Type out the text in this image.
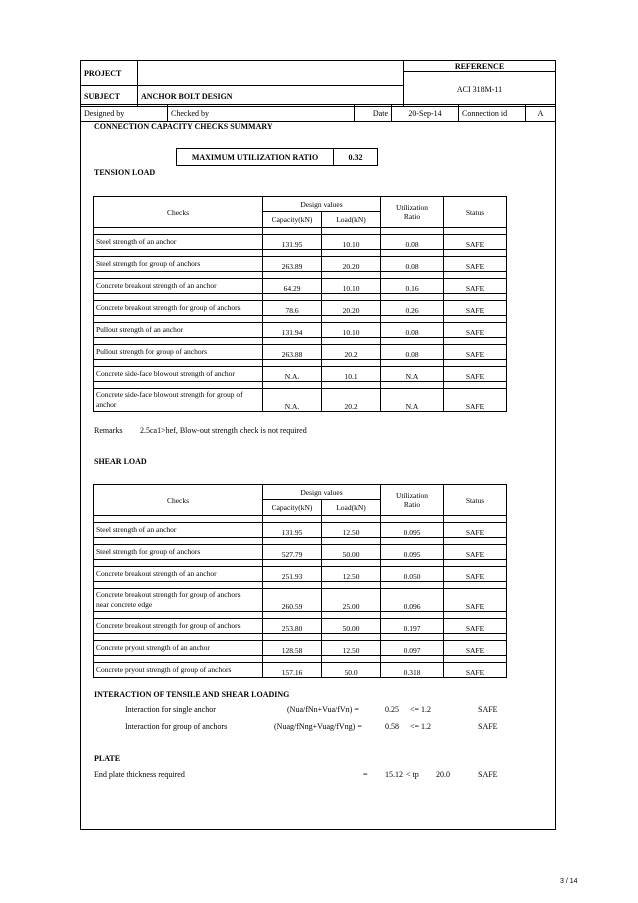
PROJECT		REFERENCE
		ACI 318M-11
SUBJECT	ANCHOR BOLT DESIGN	
Designed by	Checked by	Date	20-Sep-14	Connection id	A
CONNECTION CAPACITY CHECKS SUMMARY
MAXIMUM UTILIZATION RATIO	0.32
TENSION LOAD
Checks	Design values		Utilization
Ratio	Status
	Capacity(kN)	Load(kN)		

Steel strength of an anchor	131.95	10.10	0.08	SAFE

Steel strength for group of anchors	263.89	20.20	0.08	SAFE

Concrete breakout strength of an anchor	64.29	10.10	0.16	SAFE

Concrete breakout strength for group of anchors	78.6	20.20	0.26	SAFE

Pullout strength of an anchor	131.94	10.10	0.08	SAFE

Pullout strength for group of anchors	263.88	20.2	0.08	SAFE

Concrete side-face blowout strength of anchor	N.A.	10.1	N.A	SAFE

Concrete side-face blowout strength for group of
anchor	N.A.	20.2	N.A	SAFE
Remarks 2.5ca1>hef, Blow-out strength check is not required
SHEAR LOAD
Checks	Design values		Utilization
Ratio	Status
	Capacity(kN)	Load(kN)		

Steel strength of an anchor	131.95	12.50	0.095	SAFE

Steel strength for group of anchors	527.79	50.00	0.095	SAFE

Concrete breakout strength of an anchor	251.93	12.50	0.050	SAFE

Concrete breakout strength for group of anchors
near concrete edge	260.59	25.00	0.096	SAFE

Concrete breakout strength for group of anchors	253.80	50.00	0.197	SAFE

Concrete pryout strength of an anchor	128.58	12.50	0.097	SAFE

Concrete pryout strength of group of anchors	157.16	50.0	0.318	SAFE
INTERACTION OF TENSILE AND SHEAR LOADING
Interaction for single anchor	(Nua/fNn+Vua/fVn) =	0.25 <= 1.2	SAFE
Interaction for group of anchors	(Nuag/fNng+Vuag/fVng) =	0.58 <= 1.2	SAFE
PLATE
End plate thickness required	= 15.12 < tp 20.0	SAFE
3 / 14
